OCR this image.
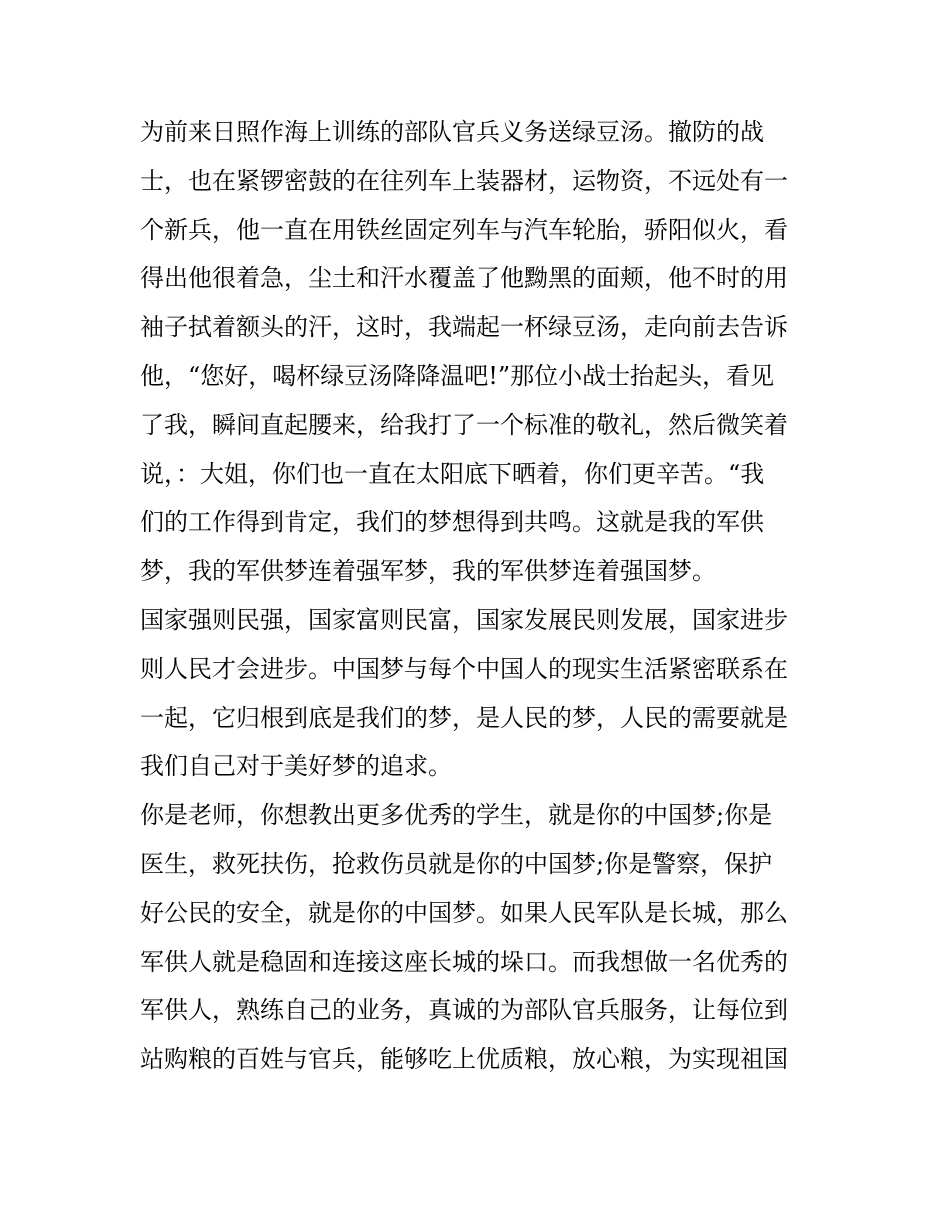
为前来日照作海上训练的部队官兵义务送绿豆汤。撤防的战
士，也在紧锣密鼓的在往列车上装器材，运物资，不远处有一
个新兵，他一直在用铁丝固定列车与汽车轮胎，骄阳似火，看
得出他很着急，尘土和汗水覆盖了他黝黑的面颊，他不时的用
袖子拭着额头的汗，这时，我端起一杯绿豆汤，走向前去告诉
他，“您好，喝杯绿豆汤降降温吧!”那位小战士抬起头，看见
了我，瞬间直起腰来，给我打了一个标准的敬礼，然后微笑着
说，：大姐，你们也一直在太阳底下晒着，你们更辛苦。“我
们的工作得到肯定，我们的梦想得到共鸣。这就是我的军供
梦，我的军供梦连着强军梦，我的军供梦连着强国梦。
国家强则民强，国家富则民富，国家发展民则发展，国家进步
则人民才会进步。中国梦与每个中国人的现实生活紧密联系在
一起，它归根到底是我们的梦，是人民的梦，人民的需要就是
我们自己对于美好梦的追求。
你是老师，你想教出更多优秀的学生，就是你的中国梦;你是
医生，救死扶伤，抢救伤员就是你的中国梦;你是警察，保护
好公民的安全，就是你的中国梦。如果人民军队是长城，那么
军供人就是稳固和连接这座长城的垛口。而我想做一名优秀的
军供人，熟练自己的业务，真诚的为部队官兵服务，让每位到
站购粮的百姓与官兵，能够吃上优质粮，放心粮，为实现祖国
